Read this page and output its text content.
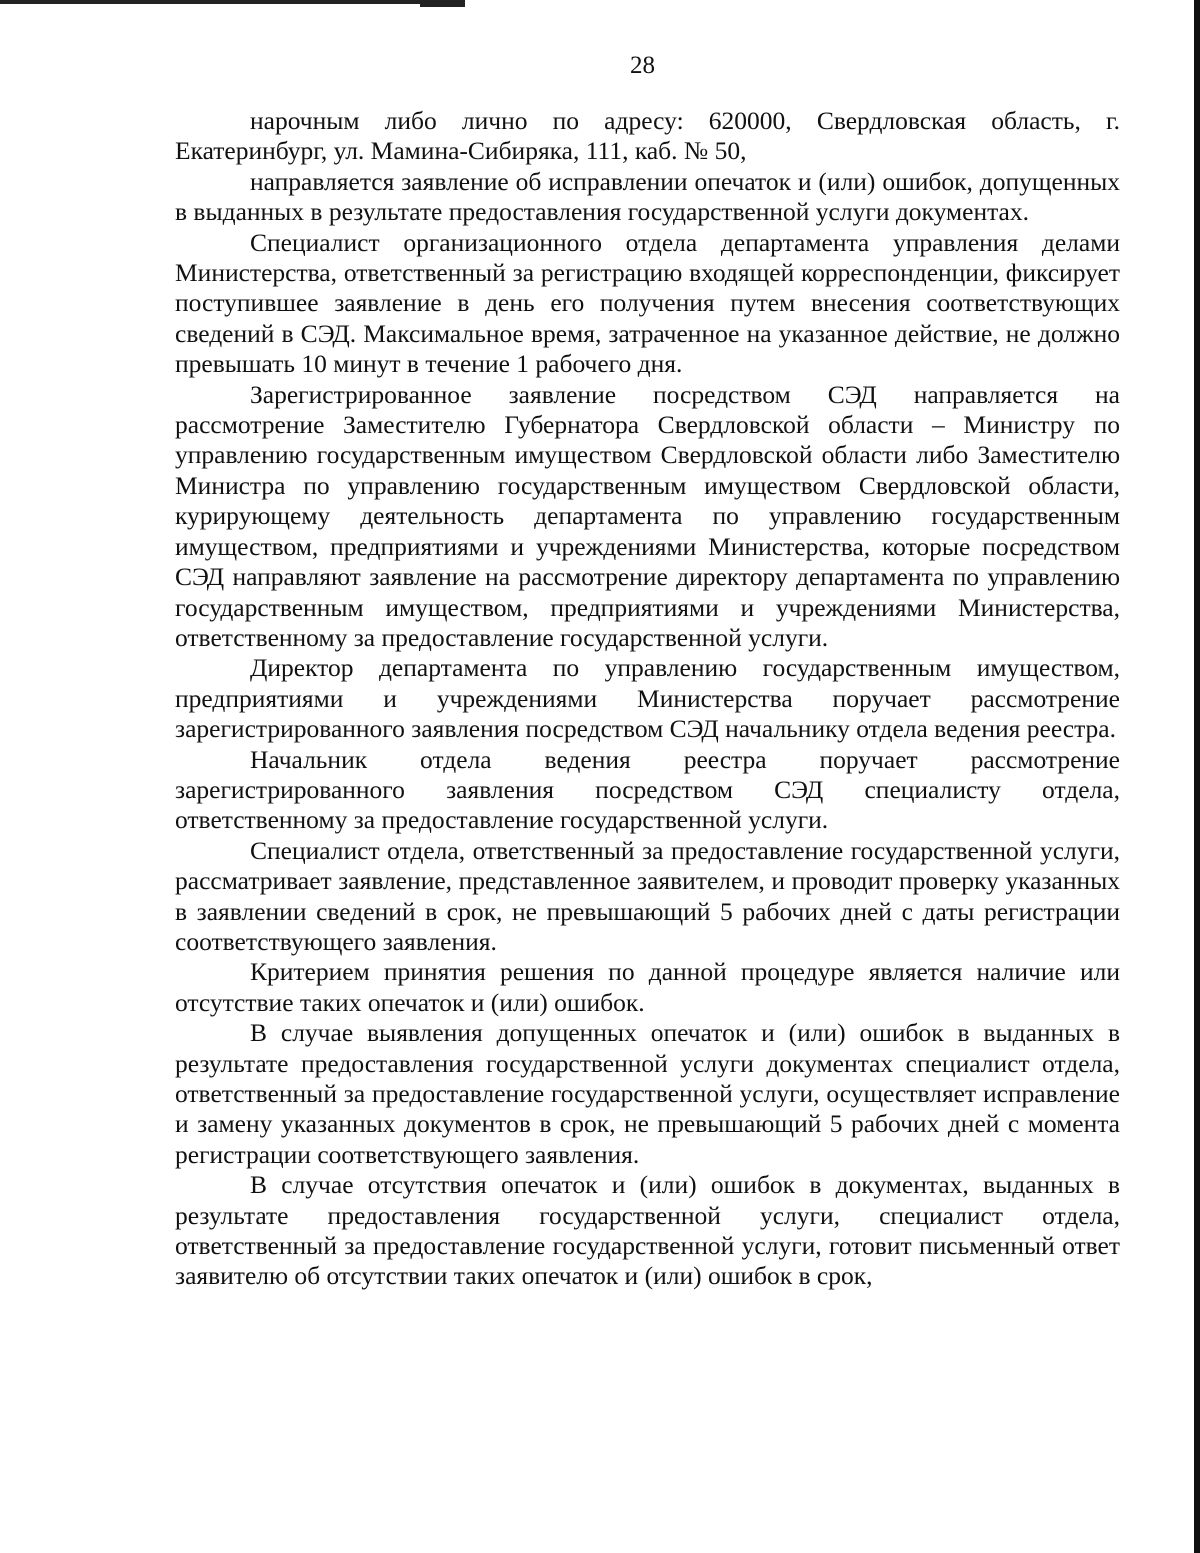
28

нарочным либо лично по адресу: 620000, Свердловская область, г. Екатеринбург, ул. Мамина-Сибиряка, 111, каб. № 50,

направляется заявление об исправлении опечаток и (или) ошибок, допущенных в выданных в результате предоставления государственной услуги документах.

Специалист организационного отдела департамента управления делами Министерства, ответственный за регистрацию входящей корреспонденции, фиксирует поступившее заявление в день его получения путем внесения соответствующих сведений в СЭД. Максимальное время, затраченное на указанное действие, не должно превышать 10 минут в течение 1 рабочего дня.

Зарегистрированное заявление посредством СЭД направляется на рассмотрение Заместителю Губернатора Свердловской области – Министру по управлению государственным имуществом Свердловской области либо Заместителю Министра по управлению государственным имуществом Свердловской области, курирующему деятельность департамента по управлению государственным имуществом, предприятиями и учреждениями Министерства, которые посредством СЭД направляют заявление на рассмотрение директору департамента по управлению государственным имуществом, предприятиями и учреждениями Министерства, ответственному за предоставление государственной услуги.

Директор департамента по управлению государственным имуществом, предприятиями и учреждениями Министерства поручает рассмотрение зарегистрированного заявления посредством СЭД начальнику отдела ведения реестра.

Начальник отдела ведения реестра поручает рассмотрение зарегистрированного заявления посредством СЭД специалисту отдела, ответственному за предоставление государственной услуги.

Специалист отдела, ответственный за предоставление государственной услуги, рассматривает заявление, представленное заявителем, и проводит проверку указанных в заявлении сведений в срок, не превышающий 5 рабочих дней с даты регистрации соответствующего заявления.

Критерием принятия решения по данной процедуре является наличие или отсутствие таких опечаток и (или) ошибок.

В случае выявления допущенных опечаток и (или) ошибок в выданных в результате предоставления государственной услуги документах специалист отдела, ответственный за предоставление государственной услуги, осуществляет исправление и замену указанных документов в срок, не превышающий 5 рабочих дней с момента регистрации соответствующего заявления.

В случае отсутствия опечаток и (или) ошибок в документах, выданных в результате предоставления государственной услуги, специалист отдела, ответственный за предоставление государственной услуги, готовит письменный ответ заявителю об отсутствии таких опечаток и (или) ошибок в срок,
